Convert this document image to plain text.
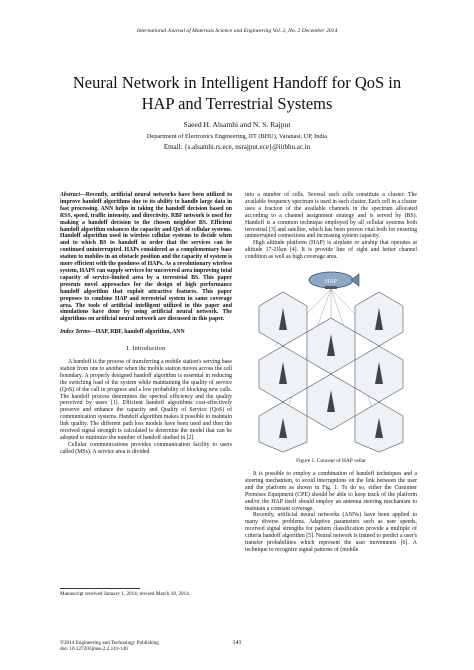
International Journal of Materials Science and Engineering Vol. 2, No. 2 December 2014
Neural Network in Intelligent Handoff for QoS in
HAP and Terrestrial Systems
Saeed H. Alsamhi and N. S. Rajput
Department of Electronics Engineering, IIT (BHU), Varanasi, UP, India
Email: {s.alsamhi.rs.ece, nsrajput.ece}@iitbhu.ac.in

Abstract—Recently, artificial neural networks have been utilized to improve handoff algorithms due to its ability to handle large data in fast processing. ANN helps in taking the handoff decision based on RSS, speed, traffic intensity, and directivity. RBF network is used for making a handoff decision to the chosen neighbor BS. Efficient handoff algorithm enhances the capacity and QoS of cellular systems. Handoff algorithm used in wireless cellular systems to decide when and to which BS to handoff in order that the services can be continued uninterrupted. HAPs considered as a complementary base station to mobiles in an obstacle position and the capacity of system is more efficient with the goodness of HAPs. As a revolutionary wireless system, HAPS can supply services for uncovered area improving total capacity of service-limited area by a terrestrial BS. This paper presents novel approaches for the design of high performance handoff algorithm that exploit attractive features. This paper proposes to combine HAP and terrestrial system in same coverage area. The tools of artificial intelligent utilized in this paper and simulations have done by using artificial neural network. The algorithms on artificial neural network are discussed in this paper.

Index Terms—HAP, RBF, handoff algorithm, ANN

I. Introduction

A handoff is the process of transferring a mobile station's serving base station from one to another when the mobile station moves across the cell boundary. A properly designed handoff algorithm is essential in reducing the switching load of the system while maintaining the quality of service (QoS) of the call in progress and a low probability of blocking new calls. The handoff process determines the spectral efficiency and the quality perceived by users [1]. Efficient handoff algorithms cost-effectively preserve and enhance the capacity and Quality of Service (QoS) of communication systems. Handoff algorithm makes it possible to maintain link quality. The different path loss models have been used and then the received signal strength is calculated to determine the model that can be adopted to minimize the number of handoff studied in [2].

Cellular communications provides communication facility to users called (MSs). A service area is divided

into a number of cells. Several such cells constitute a cluster. The available frequency spectrum is used in each cluster. Each cell in a cluster uses a fraction of the available channels in the spectrum allocated according to a channel assignment strategy and is served by (BS). Handoff is a common technique employed by all cellular systems both terrestrial [3] and satellite, which has been proven vital both for ensuring uninterrupted connections and increasing system capacity.

High altitude platform (HAP) is airplane or airship that operates at altitude 17-21km [4]. It is provide line of sight and better channel condition as well as high coverage area.

HAP
Figure 1. Concept of HAP cellar

It is possible to employ a combination of handoff techniques and a steering mechanism, to avoid interruptions on the link between the user and the platform as shown in Fig. 1. To do so, either the Customer Premises Equipment (CPE) should be able to keep track of the platform and/or the HAP itself should employ an antenna steering mechanism to maintain a constant coverage.

Recently, artificial neural networks (ANNs) have been applied to many diverse problems. Adaptive parameters such as user speeds, received signal strengths for pattern classification provide a multiple of criteria handoff algorithm [5]. Neural network is trained to predict a user's transfer probabilities which represent the user movements [6]. A technique to recognize signal patterns of (mobile

Manuscript received January 1, 2014; revised March 18, 2014.
©2014 Engineering and Technology Publishing
doi: 10.12720/ijmse.2.2.141-146
141
